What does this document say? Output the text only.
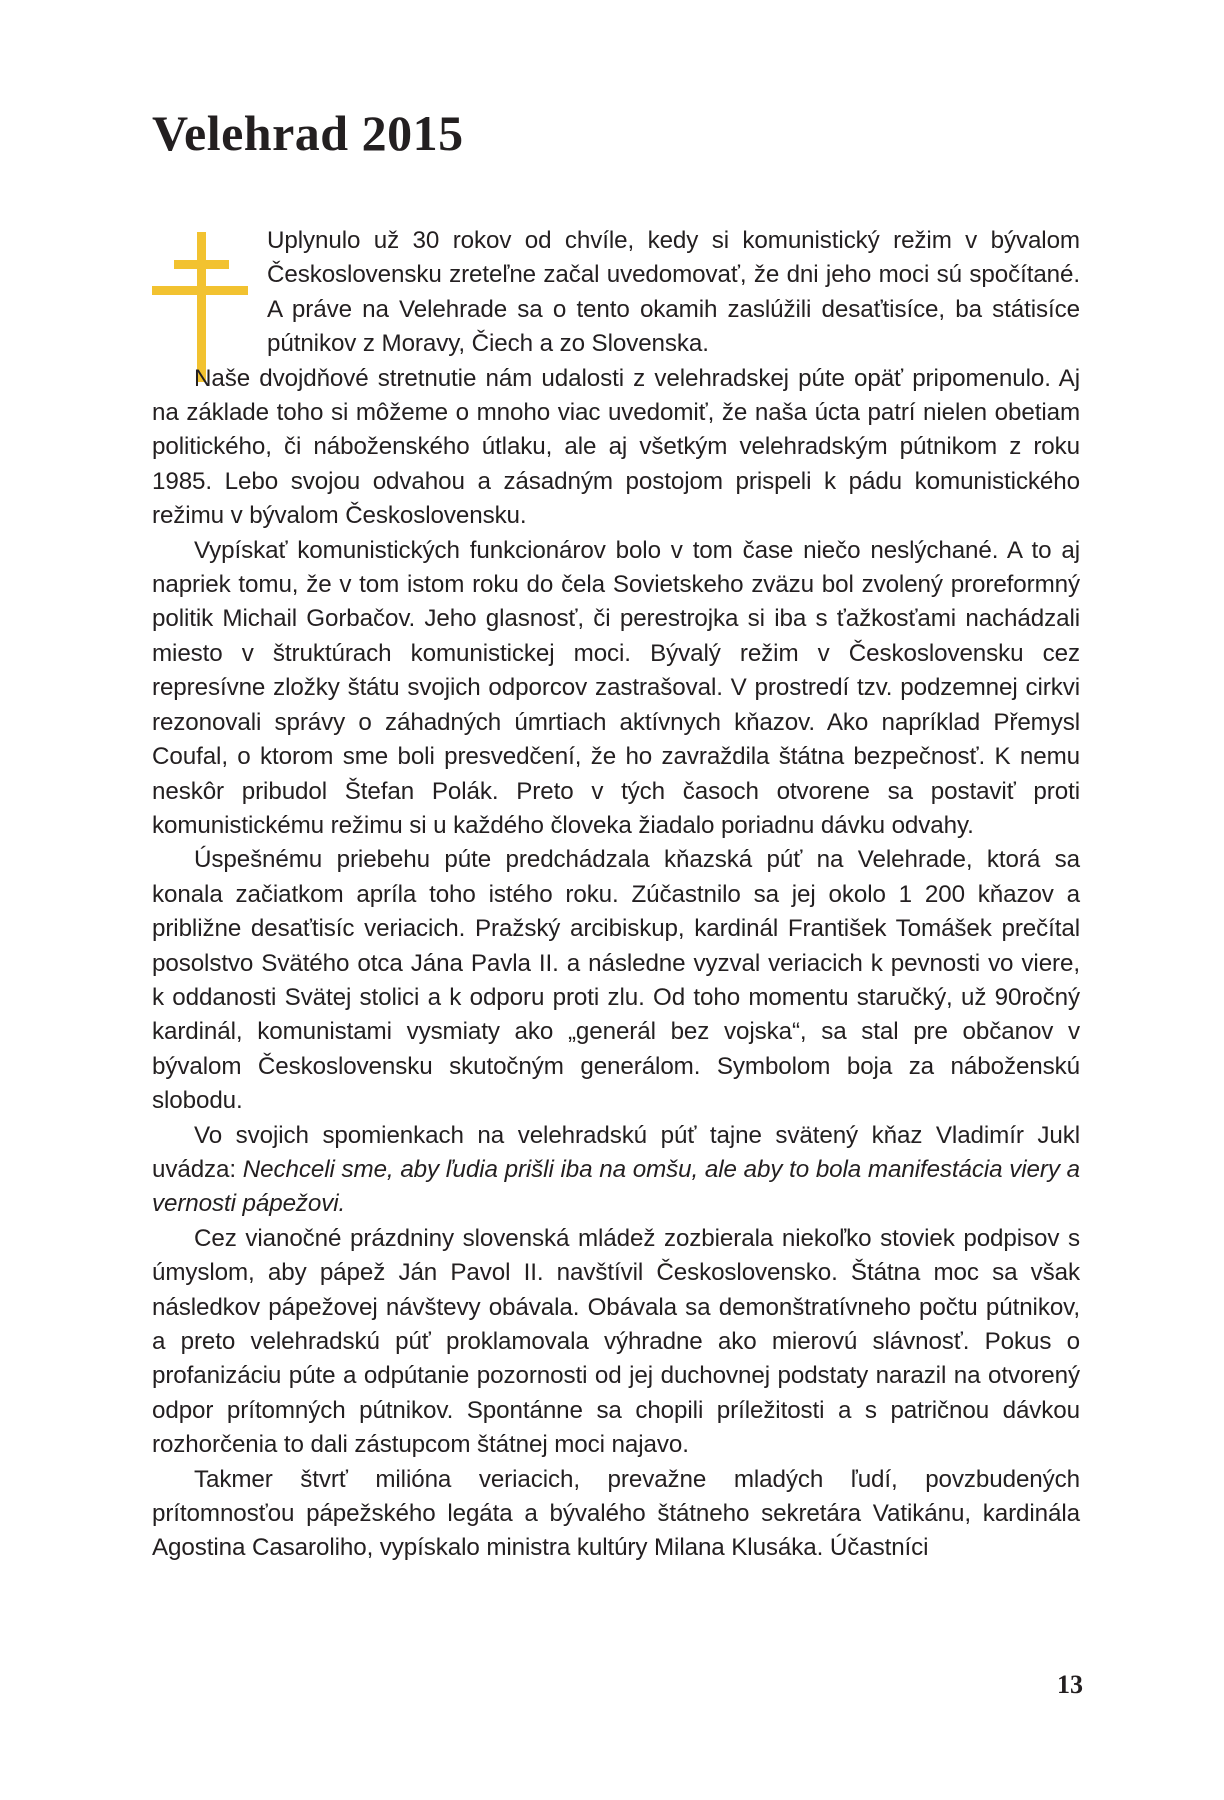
Velehrad 2015

Uplynulo už 30 rokov od chvíle, kedy si komunistický režim v bývalom Československu zreteľne začal uvedomovať, že dni jeho moci sú spočítané. A práve na Velehrade sa o tento okamih zaslúžili desaťtisíce, ba státisíce pútnikov z Moravy, Čiech a zo Slovenska.

Naše dvojdňové stretnutie nám udalosti z velehradskej púte opäť pripomenulo. Aj na základe toho si môžeme o mnoho viac uvedomiť, že naša úcta patrí nielen obetiam politického, či náboženského útlaku, ale aj všetkým velehradským pútnikom z roku 1985. Lebo svojou odvahou a zásadným postojom prispeli k pádu komunistického režimu v bývalom Československu.

Vypískať komunistických funkcionárov bolo v tom čase niečo neslýchané. A to aj napriek tomu, že v tom istom roku do čela Sovietskeho zväzu bol zvolený proreformný politik Michail Gorbačov. Jeho glasnosť, či perestrojka si iba s ťažkosťami nachádzali miesto v štruktúrach komunistickej moci. Bývalý režim v Československu cez represívne zložky štátu svojich odporcov zastrašoval. V prostredí tzv. podzemnej cirkvi rezonovali správy o záhadných úmrtiach aktívnych kňazov. Ako napríklad Přemysl Coufal, o ktorom sme boli presvedčení, že ho zavraždila štátna bezpečnosť. K nemu neskôr pribudol Štefan Polák. Preto v tých časoch otvorene sa postaviť proti komunistickému režimu si u každého človeka žiadalo poriadnu dávku odvahy.

Úspešnému priebehu púte predchádzala kňazská púť na Velehrade, ktorá sa konala začiatkom apríla toho istého roku. Zúčastnilo sa jej okolo 1 200 kňazov a približne desaťtisíc veriacich. Pražský arcibiskup, kardinál František Tomášek prečítal posolstvo Svätého otca Jána Pavla II. a následne vyzval veriacich k pevnosti vo viere, k oddanosti Svätej stolici a k odporu proti zlu. Od toho momentu staručký, už 90ročný kardinál, komunistami vysmiaty ako „generál bez vojska“, sa stal pre občanov v bývalom Československu skutočným generálom. Symbolom boja za náboženskú slobodu.

Vo svojich spomienkach na velehradskú púť tajne svätený kňaz Vladimír Jukl uvádza: Nechceli sme, aby ľudia prišli iba na omšu, ale aby to bola manifestácia viery a vernosti pápežovi.

Cez vianočné prázdniny slovenská mládež zozbierala niekoľko stoviek podpisov s úmyslom, aby pápež Ján Pavol II. navštívil Československo. Štátna moc sa však následkov pápežovej návštevy obávala. Obávala sa demonštratívneho počtu pútnikov, a preto velehradskú púť proklamovala výhradne ako mierovú slávnosť. Pokus o profanizáciu púte a odpútanie pozornosti od jej duchovnej podstaty narazil na otvorený odpor prítomných pútnikov. Spontánne sa chopili príležitosti a s patričnou dávkou rozhorčenia to dali zástupcom štátnej moci najavo.

Takmer štvrť milióna veriacich, prevažne mladých ľudí, povzbudených prítomnosťou pápežského legáta a bývalého štátneho sekretára Vatikánu, kardinála Agostina Casaroliho, vypískalo ministra kultúry Milana Klusáka. Účastníci

13
